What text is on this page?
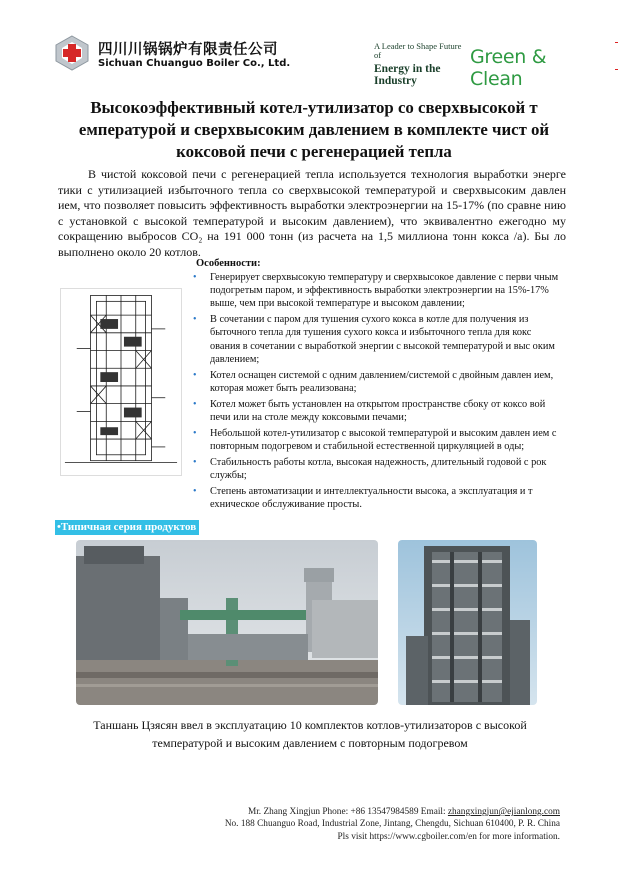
四川川锅锅炉有限责任公司
Sichuan Chuanguo Boiler Co., Ltd.
A Leader to Shape Future of
Energy in the Industry
Green & Clean
Высокоэффективный котел-утилизатор со сверхвысокой т емпературой и сверхвысоким давлением в комплекте чист ой коксовой печи с регенерацией тепла

В чистой коксовой печи с регенерацией тепла используется технология выработки энерге тики с утилизацией избыточного тепла со сверхвысокой температурой и сверхвысоким давлен ием, что позволяет повысить эффективность выработки электроэнергии на 15-17% (по сравне нию с установкой с высокой температурой и высоким давлением), что эквивалентно ежегодно му сокращению выбросов CO₂ на 191 000 тонн (из расчета на 1,5 миллиона тонн кокса /а). Бы ло выполнено около 20 котлов.

Особенности:
• Генерирует сверхвысокую температуру и сверхвысокое давление с перви чным подогретым паром, и эффективность выработки электроэнергии на 15%-17% выше, чем при высокой температуре и высоком давлении;
• В сочетании с паром для тушения сухого кокса в котле для получения из быточного тепла для тушения сухого кокса и избыточного тепла для кокс ования в сочетании с выработкой энергии с высокой температурой и выс оким давлением;
• Котел оснащен системой с одним давлением/системой с двойным давлен ием, которая может быть реализована;
• Котел может быть установлен на открытом пространстве сбоку от коксо вой печи или на столе между коксовыми печами;
• Небольшой котел-утилизатор с высокой температурой и высоким давлен ием с повторным подогревом и стабильной естественной циркуляцией в оды;
• Стабильность работы котла, высокая надежность, длительный годовой с рок службы;
• Степень автоматизации и интеллектуальности высока, а эксплуатация и т ехническое обслуживание просты.
•Типичная серия продуктов
Таншань Цзясян ввел в эксплуатацию 10 комплектов котлов-утилизаторов с высокой температурой и высоким давлением с повторным подогревом
Mr. Zhang Xingjun Phone: +86 13547984589 Email: zhangxingjun@ejianlong.com
No. 188 Chuanguo Road, Industrial Zone, Jintang, Chengdu, Sichuan 610400, P. R. China
Pls visit https://www.cgboiler.com/en for more information.
